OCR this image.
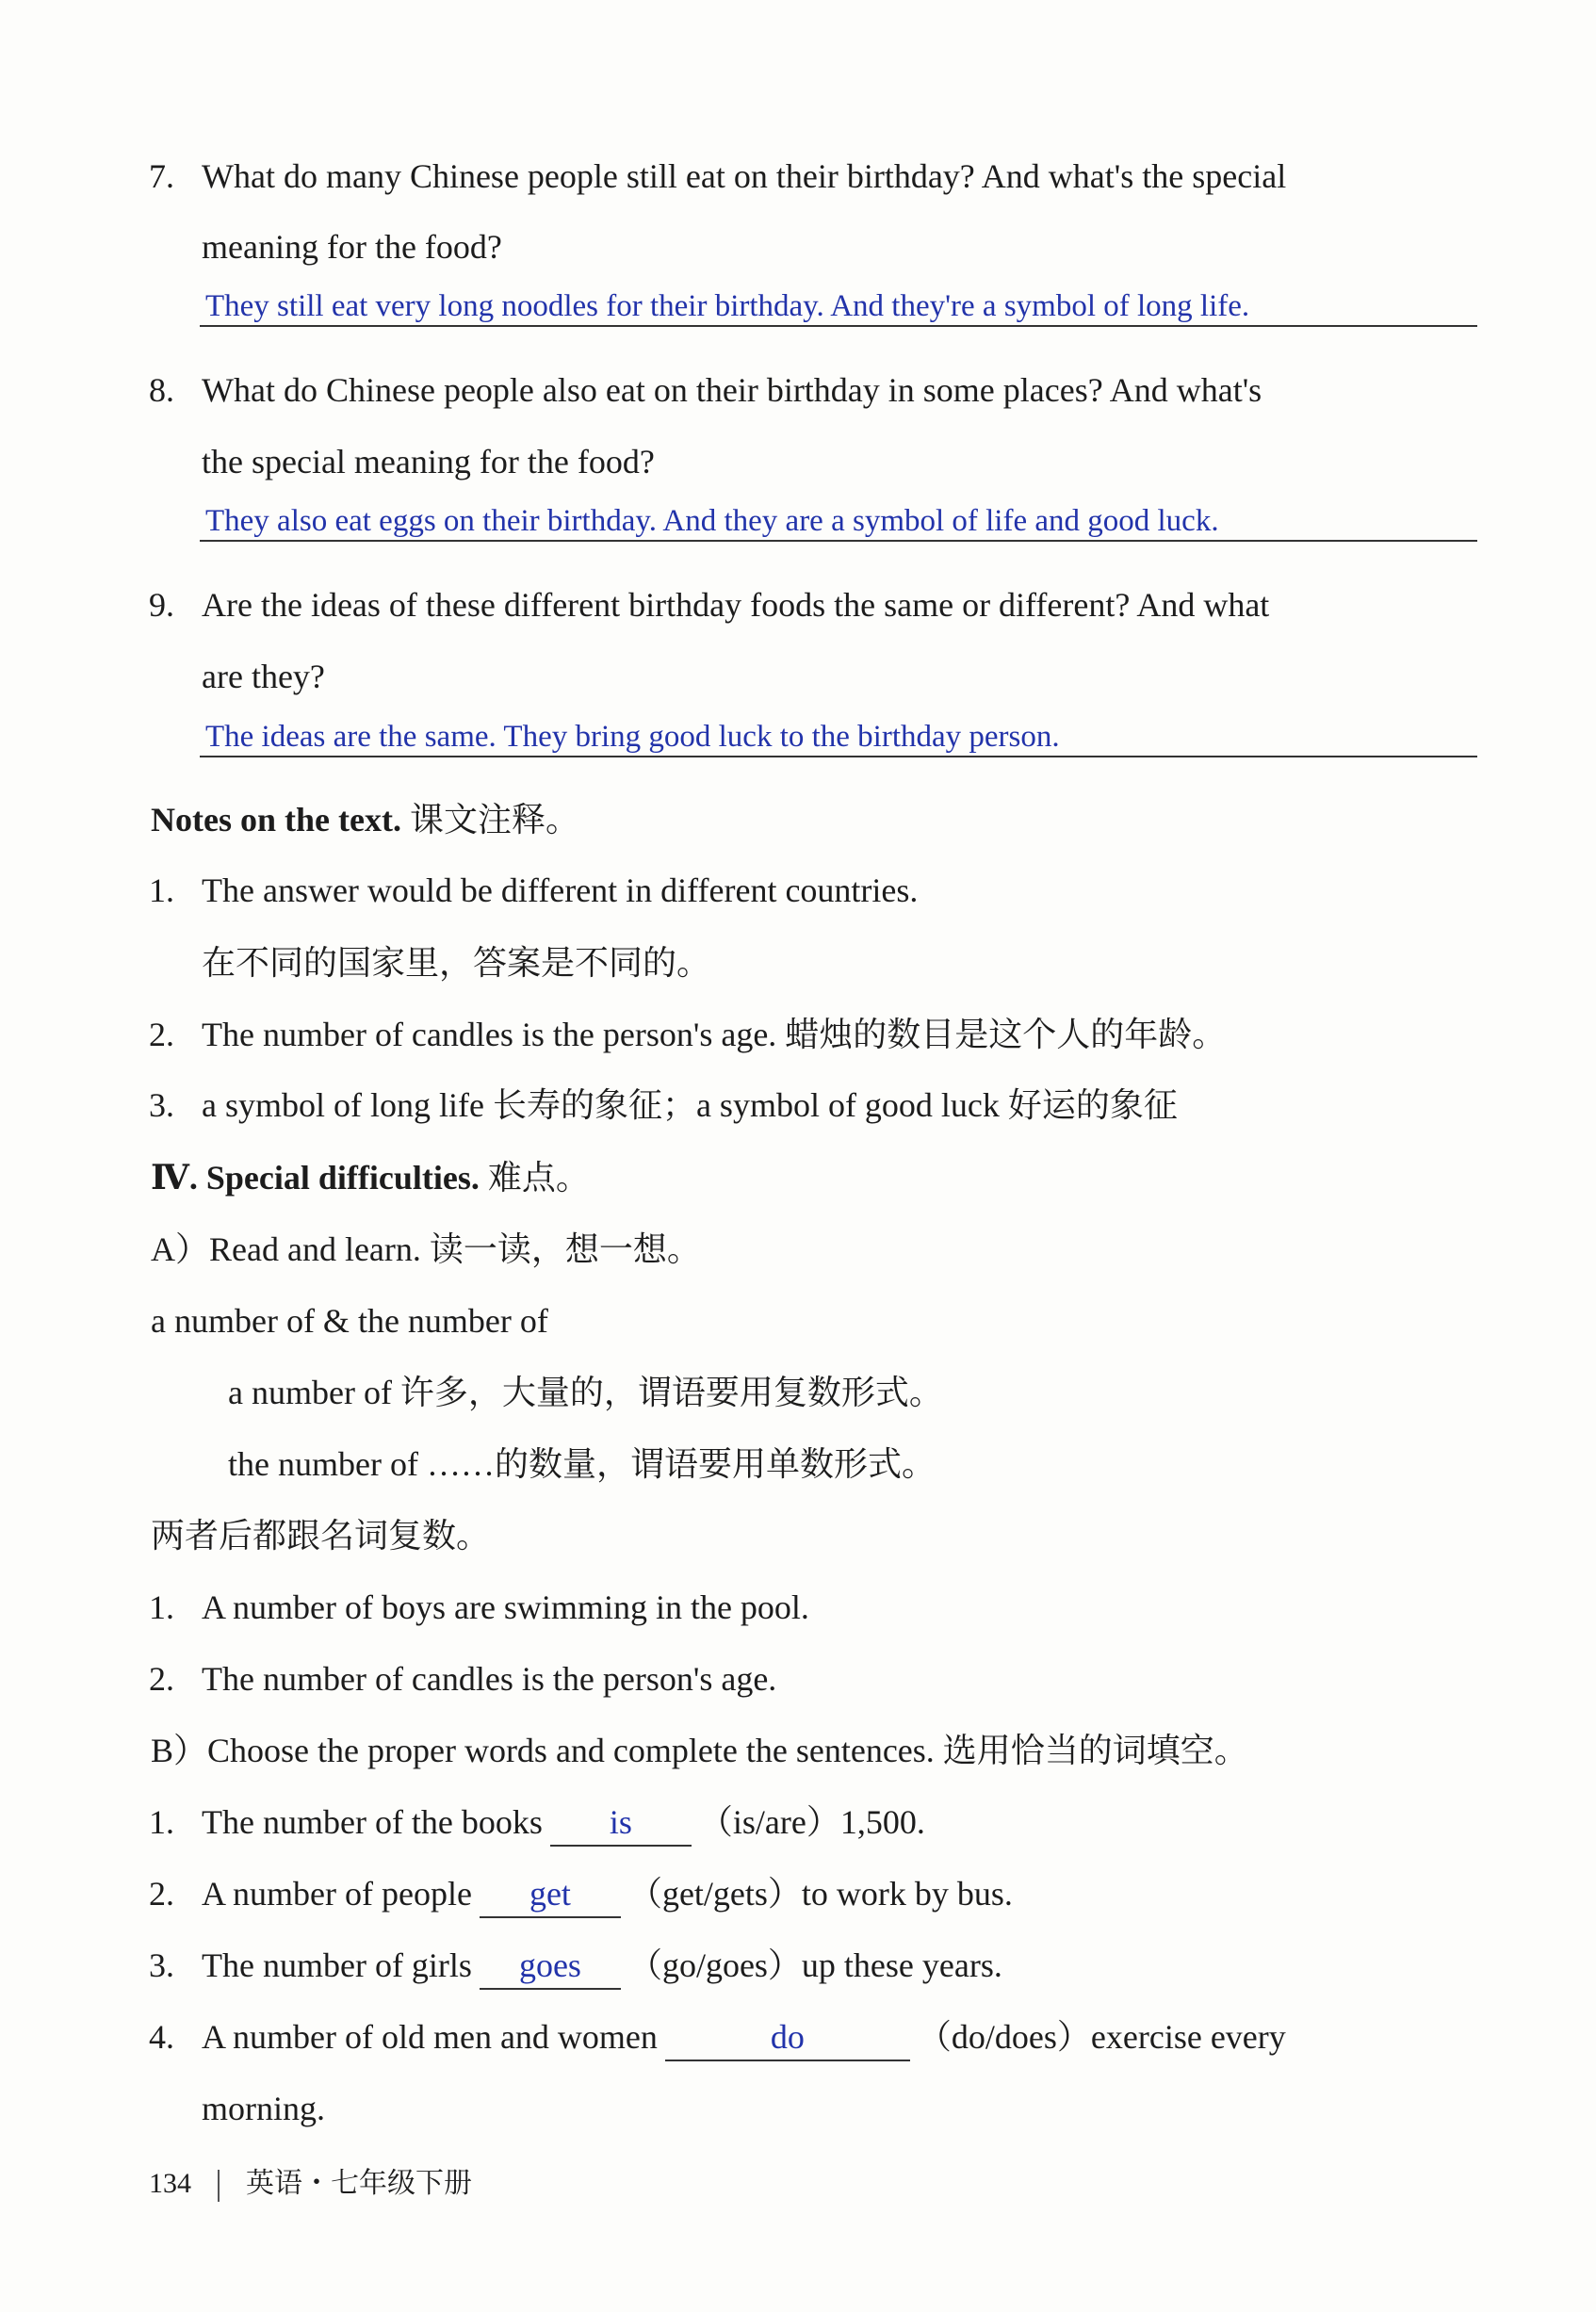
7. What do many Chinese people still eat on their birthday? And what's the special
meaning for the food?
They still eat very long noodles for their birthday. And they're a symbol of long life.
8. What do Chinese people also eat on their birthday in some places? And what's
the special meaning for the food?
They also eat eggs on their birthday. And they are a symbol of life and good luck.
9. Are the ideas of these different birthday foods the same or different? And what
are they?
The ideas are the same. They bring good luck to the birthday person.
Notes on the text. 课文注释。
1. The answer would be different in different countries.
在不同的国家里，答案是不同的。
2. The number of candles is the person's age. 蜡烛的数目是这个人的年龄。
3. a symbol of long life 长寿的象征；a symbol of good luck 好运的象征
Ⅳ. Special difficulties. 难点。
A）Read and learn. 读一读，想一想。
a number of & the number of
a number of 许多，大量的，谓语要用复数形式。
the number of ……的数量，谓语要用单数形式。
两者后都跟名词复数。
1. A number of boys are swimming in the pool.
2. The number of candles is the person's age.
B）Choose the proper words and complete the sentences. 选用恰当的词填空。
1. The number of the books is （is/are）1,500.
2. A number of people get （get/gets）to work by bus.
3. The number of girls goes （go/goes）up these years.
4. A number of old men and women	do	（do/does）exercise every
morning.
134 英语・七年级下册
